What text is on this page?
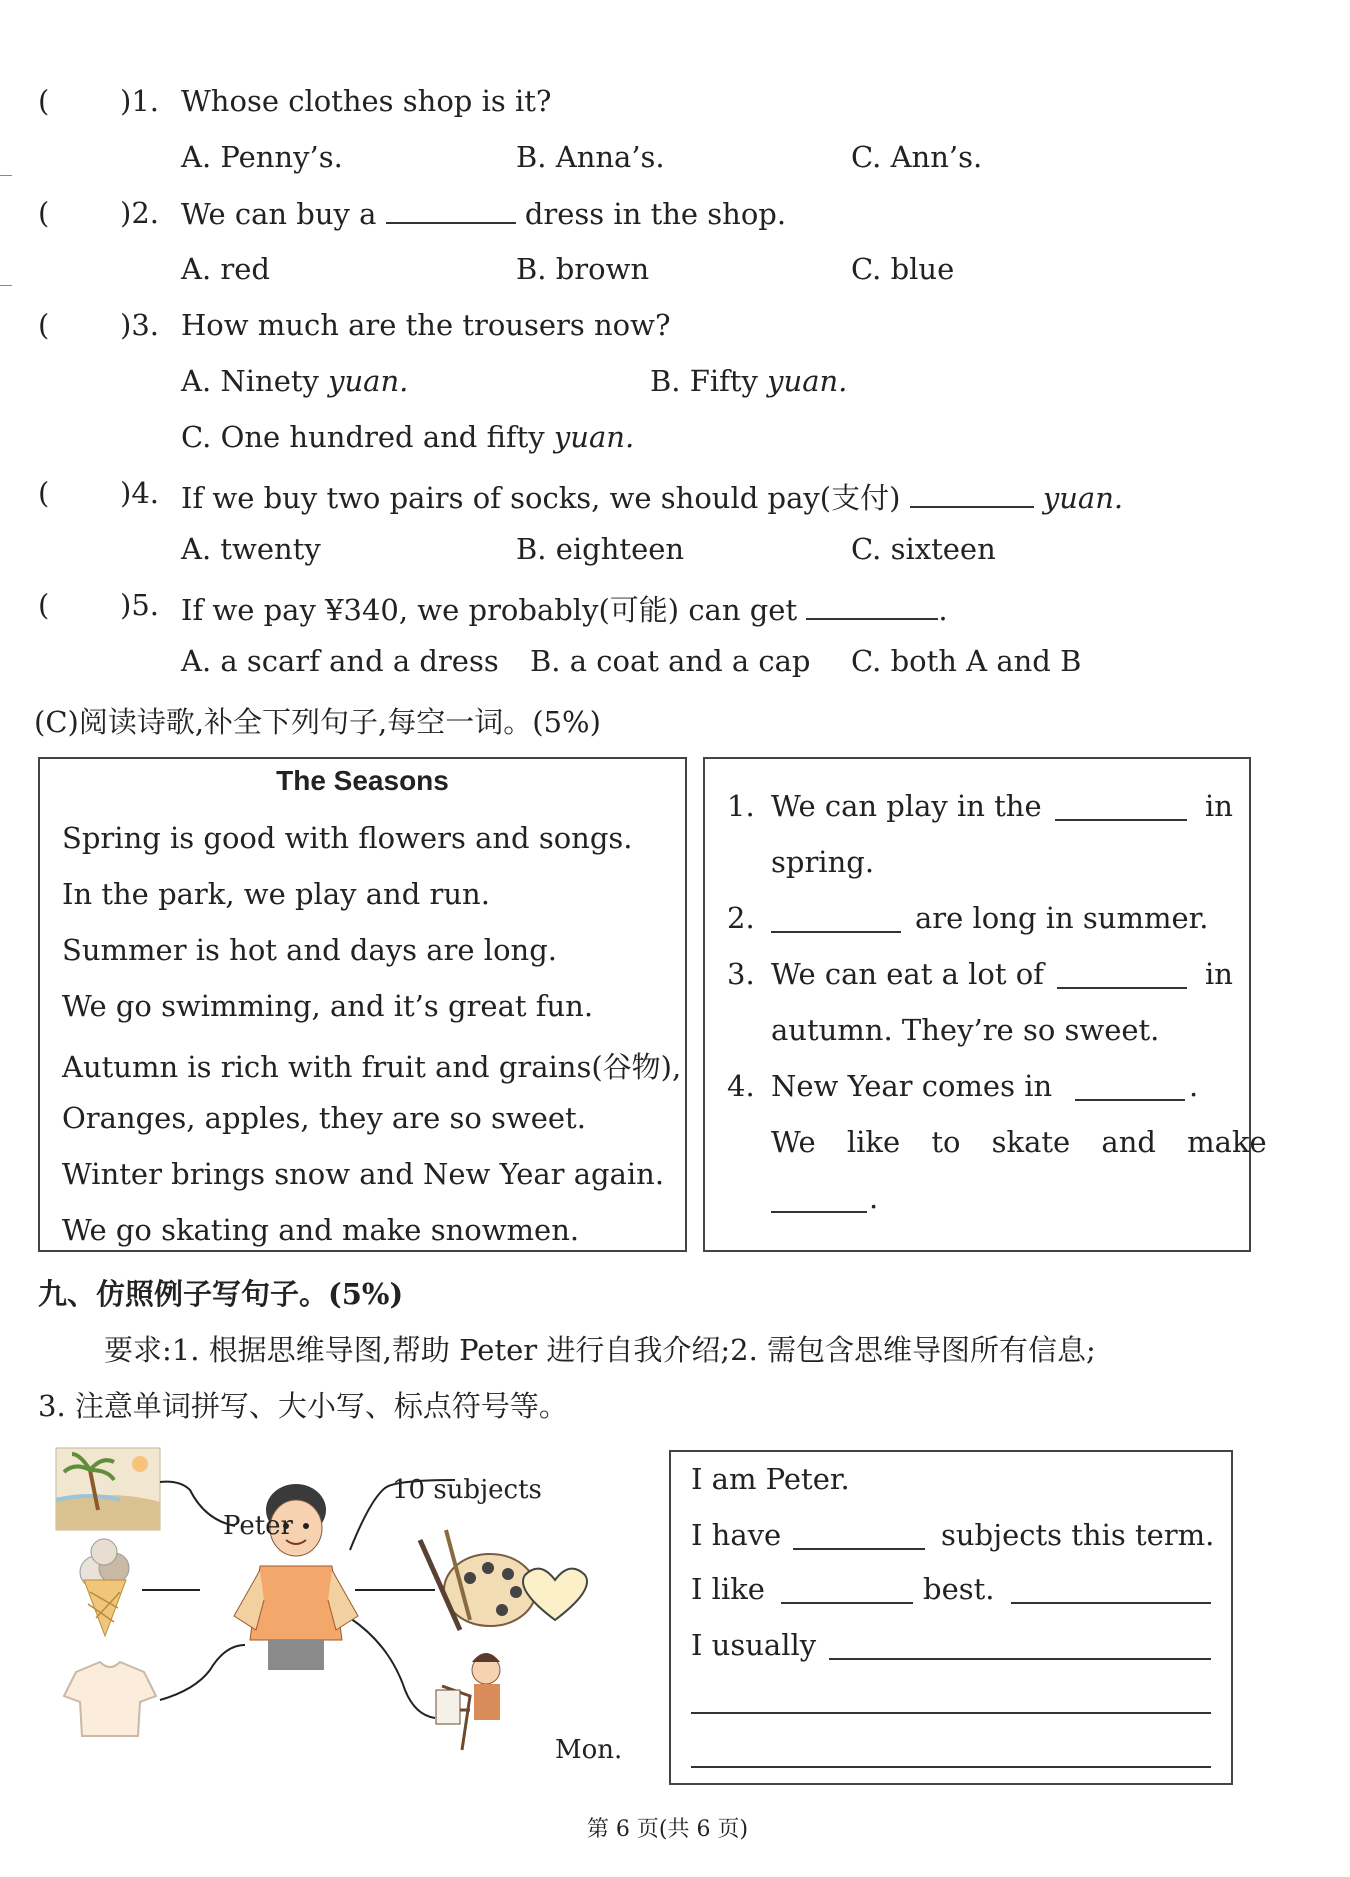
( )1. Whose clothes shop is it?
A. Penny’s.	B. Anna’s.	C. Ann’s.
( )2. We can buy a	dress in the shop.
A. red	B. brown	C. blue
( )3. How much are the trousers now?
A. Ninety yuan.	B. Fifty yuan.
C. One hundred and fifty yuan.
( )4. If we buy two pairs of socks, we should pay(支付)	yuan.
A. twenty	B. eighteen	C. sixteen
( )5. If we pay ¥340, we probably(可能) can get	.
A. a scarf and a dress B. a coat and a cap C. both A and B
(C)阅读诗歌,补全下列句子,每空一词。(5%)
The Seasons
Spring is good with flowers and songs.
In the park, we play and run.
Summer is hot and days are long.
We go swimming, and it’s great fun.
Autumn is rich with fruit and grains(谷物),
Oranges, apples, they are so sweet.
Winter brings snow and New Year again.
We go skating and make snowmen.
1. We can play in the	in
spring.
2.	are long in summer.
3. We can eat a lot of	in
autumn. They’re so sweet.
4. New Year comes in	.
We like to skate and make
.
九、仿照例子写句子。(5%)
要求:1. 根据思维导图,帮助 Peter 进行自我介绍;2. 需包含思维导图所有信息;
3. 注意单词拼写、大小写、标点符号等。
Peter
10 subjects
Mon.
I am Peter.
I have	subjects this term.
I like	best.
I usually
第 6 页(共 6 页)
